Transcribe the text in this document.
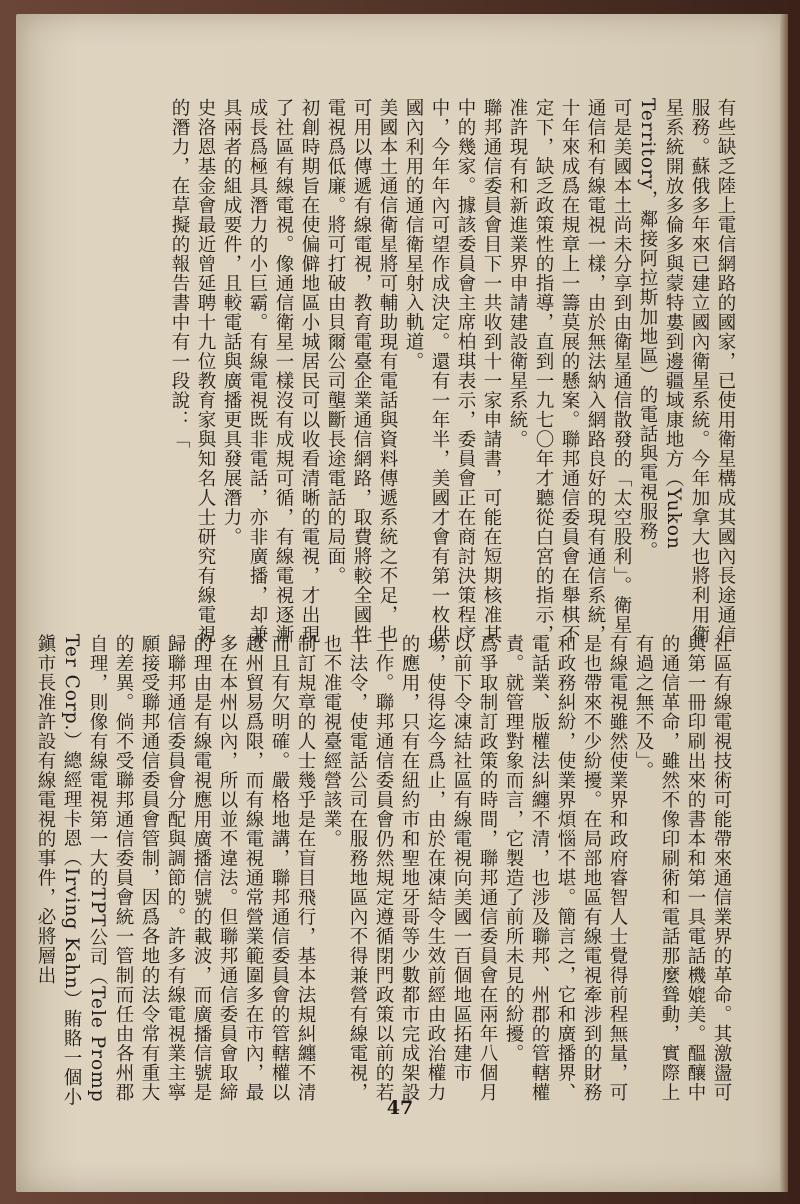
有些缺乏陸上電信網路的國家，已使用衛星構成其國內長途通信服務。蘇俄多年來已建立國內衛星系統。今年加拿大也將利用衛星系統開放多倫多與蒙特婁到邊疆域康地方（Yukon Territory，鄰接阿拉斯加地區）的電話與電視服務。

可是美國本土尚未分享到由衛星通信散發的「太空股利」。衛星通信和有線電視一樣，由於無法納入網路良好的現有通信系統，十年來成爲在規章上一籌莫展的懸案。聯邦通信委員會在舉棋不定下，缺乏政策性的指導，直到一九七〇年才聽從白宮的指示，准許現有和新進業界申請建設衛星系統。

聯邦通信委員會目下一共收到十一家申請書，可能在短期核准其中的幾家。據該委員會主席柏琪表示，委員會正在商討決策程序中，今年年內可望作成決定。還有一年半，美國才會有第一枚供國內利用的通信衛星射入軌道。

美國本土通信衛星將可輔助現有電話與資料傳遞系統之不足，也可用以傳遞有線電視，教育電臺企業通信網路，取費將較全國性電視爲低廉。將可打破由貝爾公司壟斷長途電話的局面。

初創時期旨在使偏僻地區小城居民可以收看清晰的電視，才出現了社區有線電視。像通信衛星一樣沒有成規可循，有線電視逐漸成長爲極具潛力的小巨霸。有線電視既非電話，亦非廣播，却兼具兩者的組成要件，且較電話與廣播更具發展潛力。

史洛恩基金會最近曾延聘十九位教育家與知名人士研究有線電視的潛力，在草擬的報告書中有一段說：「

社區有線電視技術可能帶來通信業界的革命。其激盪可與第一冊印刷出來的書本和第一具電話機媲美。醞釀中的通信革命，雖然不像印刷術和電話那麼聳動，實際上有過之無不及」。

有線電視雖然使業界和政府睿智人士覺得前程無量，可是也帶來不少紛擾。在局部地區有線電視牽涉到的財務和政務糾紛，使業界煩惱不堪。簡言之，它和廣播界、電話業、版權法糾纏不清，也涉及聯邦、州郡的管轄權責。就管理對象而言，它製造了前所未見的紛擾。

爲爭取制訂政策的時間，聯邦通信委員會在兩年八個月以前下令凍結社區有線電視向美國一百個地區拓建市場，使得迄今爲止，由於在凍結令生效前經由政治權力的應用，只有在紐約市和聖地牙哥等少數都市完成架設工作。聯邦通信委員會仍然規定遵循閉門政策以前的若干法令，使電話公司在服務地區內不得兼營有線電視，也不准電視臺經營該業。

制訂規章的人士幾乎是在盲目飛行，基本法規糾纏不清而且有欠明確。嚴格地講，聯邦通信委員會的管轄權以越州貿易爲限，而有線電視通常營業範圍多在市內，最多在本州以內，所以並不違法。但聯邦通信委員會取締的理由是有線電視應用廣播信號的載波，而廣播信號是歸聯邦通信委員會分配與調節的。許多有線電視業主寧願接受聯邦通信委員會管制，因爲各地的法令常有重大的差異。倘不受聯邦通信委員會統一管制而任由各州郡自理，則像有線電視第一大的TPT公司（Tele Promp Ter Corp.）總經理卡恩（Irving Kahn）賄賂一個小鎭市長准許設有線電視的事件，必將層出

47
